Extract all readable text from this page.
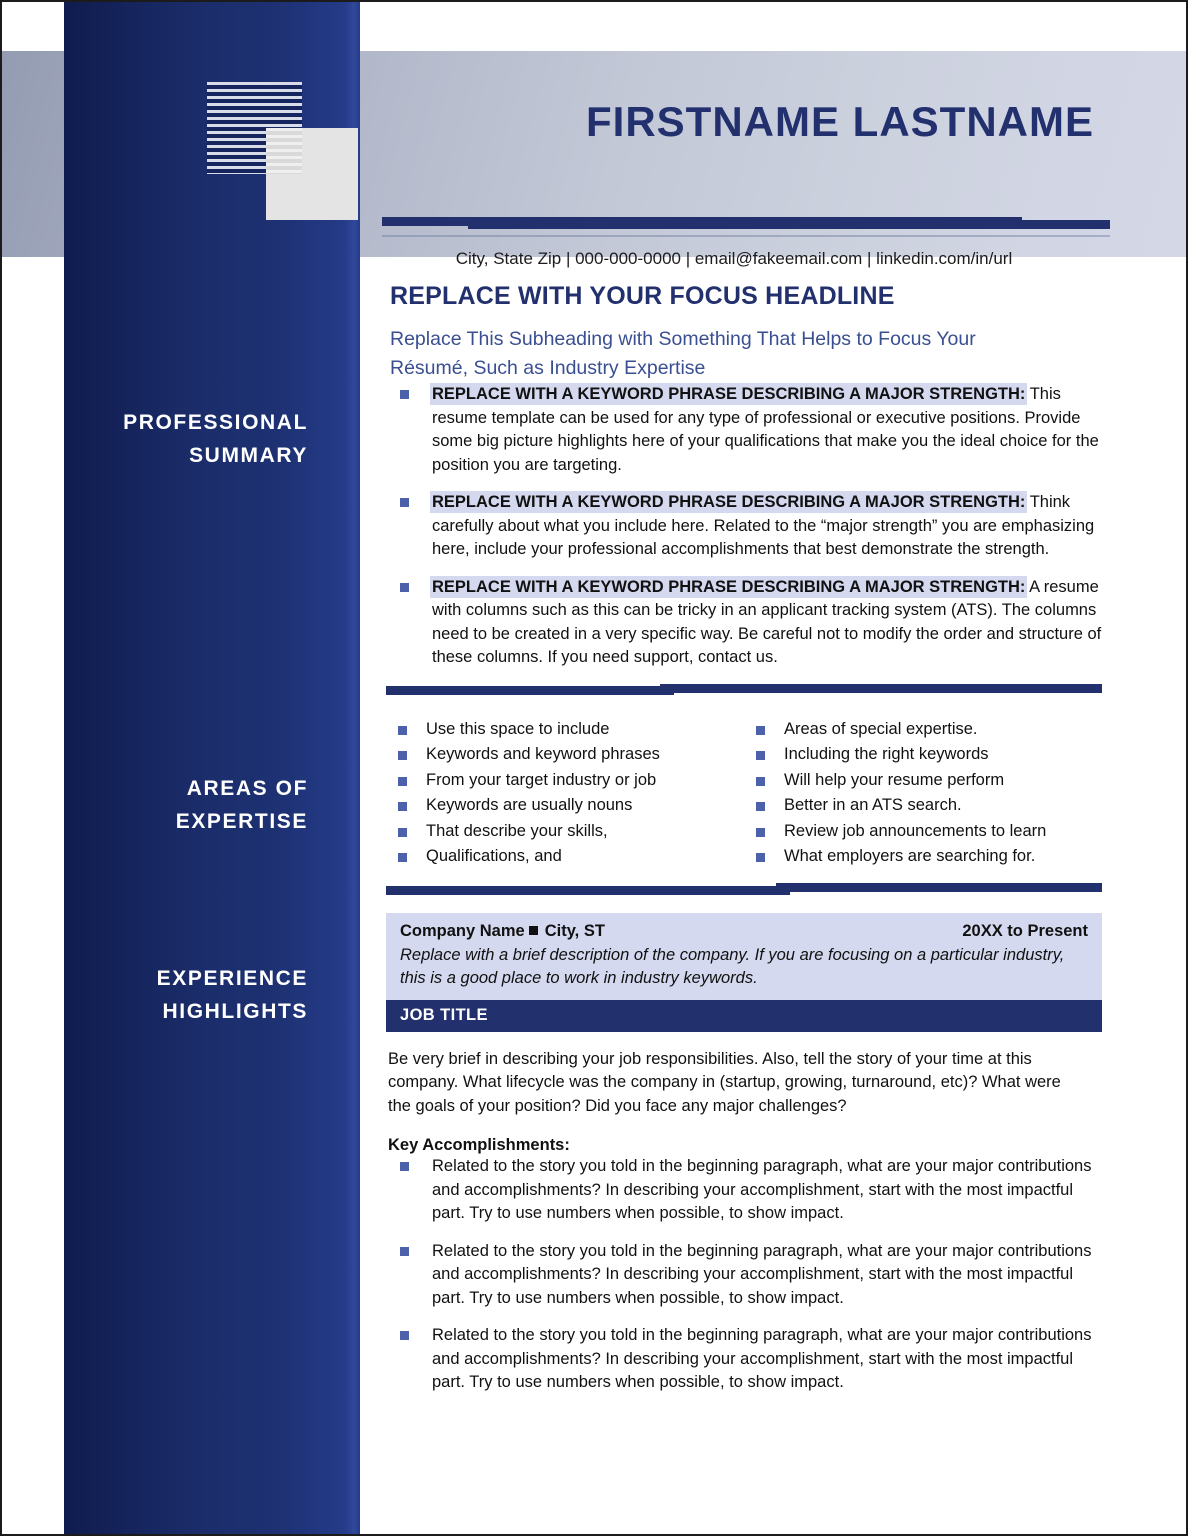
PROFESSIONAL SUMMARY
AREAS OF EXPERTISE
EXPERIENCE HIGHLIGHTS
FIRSTNAME LASTNAME
City, State Zip | 000-000-0000 | email@fakeemail.com | linkedin.com/in/url
REPLACE WITH YOUR FOCUS HEADLINE
Replace This Subheading with Something That Helps to Focus Your Résumé, Such as Industry Expertise
REPLACE WITH A KEYWORD PHRASE DESCRIBING A MAJOR STRENGTH: This resume template can be used for any type of professional or executive positions. Provide some big picture highlights here of your qualifications that make you the ideal choice for the position you are targeting.
REPLACE WITH A KEYWORD PHRASE DESCRIBING A MAJOR STRENGTH: Think carefully about what you include here. Related to the “major strength” you are emphasizing here, include your professional accomplishments that best demonstrate the strength.
REPLACE WITH A KEYWORD PHRASE DESCRIBING A MAJOR STRENGTH: A resume with columns such as this can be tricky in an applicant tracking system (ATS). The columns need to be created in a very specific way. Be careful not to modify the order and structure of these columns. If you need support, contact us.
Use this space to include
Keywords and keyword phrases
From your target industry or job
Keywords are usually nouns
That describe your skills,
Qualifications, and
Areas of special expertise.
Including the right keywords
Will help your resume perform
Better in an ATS search.
Review job announcements to learn
What employers are searching for.
Company Name City, ST	20XX to Present
Replace with a brief description of the company. If you are focusing on a particular industry, this is a good place to work in industry keywords.
JOB TITLE
Be very brief in describing your job responsibilities. Also, tell the story of your time at this company. What lifecycle was the company in (startup, growing, turnaround, etc)? What were the goals of your position? Did you face any major challenges?
Key Accomplishments:
Related to the story you told in the beginning paragraph, what are your major contributions and accomplishments? In describing your accomplishment, start with the most impactful part. Try to use numbers when possible, to show impact.
Related to the story you told in the beginning paragraph, what are your major contributions and accomplishments? In describing your accomplishment, start with the most impactful part. Try to use numbers when possible, to show impact.
Related to the story you told in the beginning paragraph, what are your major contributions and accomplishments? In describing your accomplishment, start with the most impactful part. Try to use numbers when possible, to show impact.
